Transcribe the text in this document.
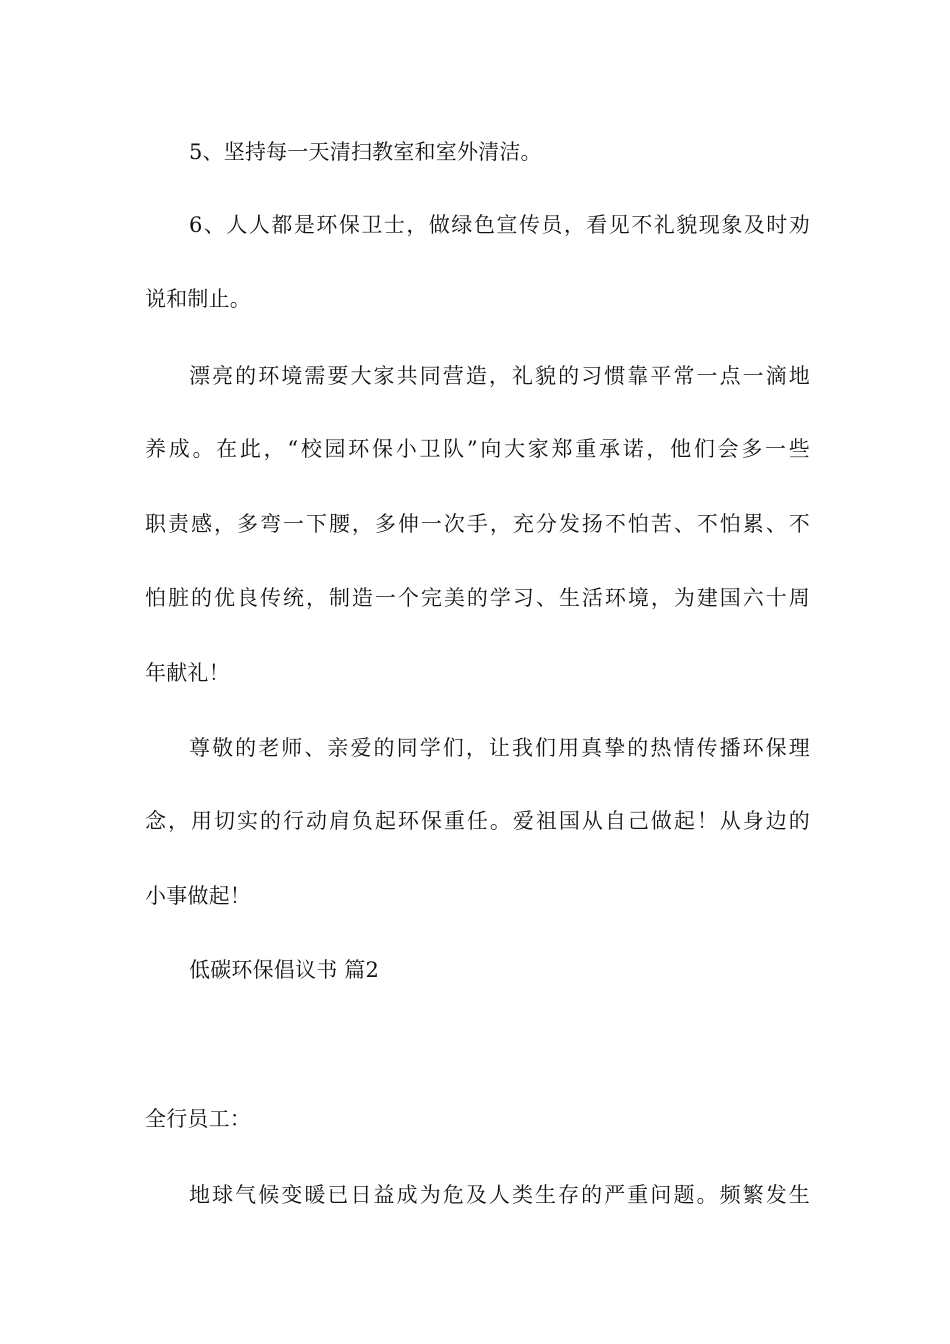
5、坚持每一天清扫教室和室外清洁。
6、人人都是环保卫士，做绿色宣传员，看见不礼貌现象及时劝
说和制止。
漂亮的环境需要大家共同营造，礼貌的习惯靠平常一点一滴地
养成。在此，“校园环保小卫队”向大家郑重承诺，他们会多一些
职责感，多弯一下腰，多伸一次手，充分发扬不怕苦、不怕累、不
怕脏的优良传统，制造一个完美的学习、生活环境，为建国六十周
年献礼！
尊敬的老师、亲爱的同学们，让我们用真挚的热情传播环保理
念，用切实的行动肩负起环保重任。爱祖国从自己做起！从身边的
小事做起！
低碳环保倡议书 篇2
全行员工：
地球气候变暖已日益成为危及人类生存的严重问题。频繁发生
